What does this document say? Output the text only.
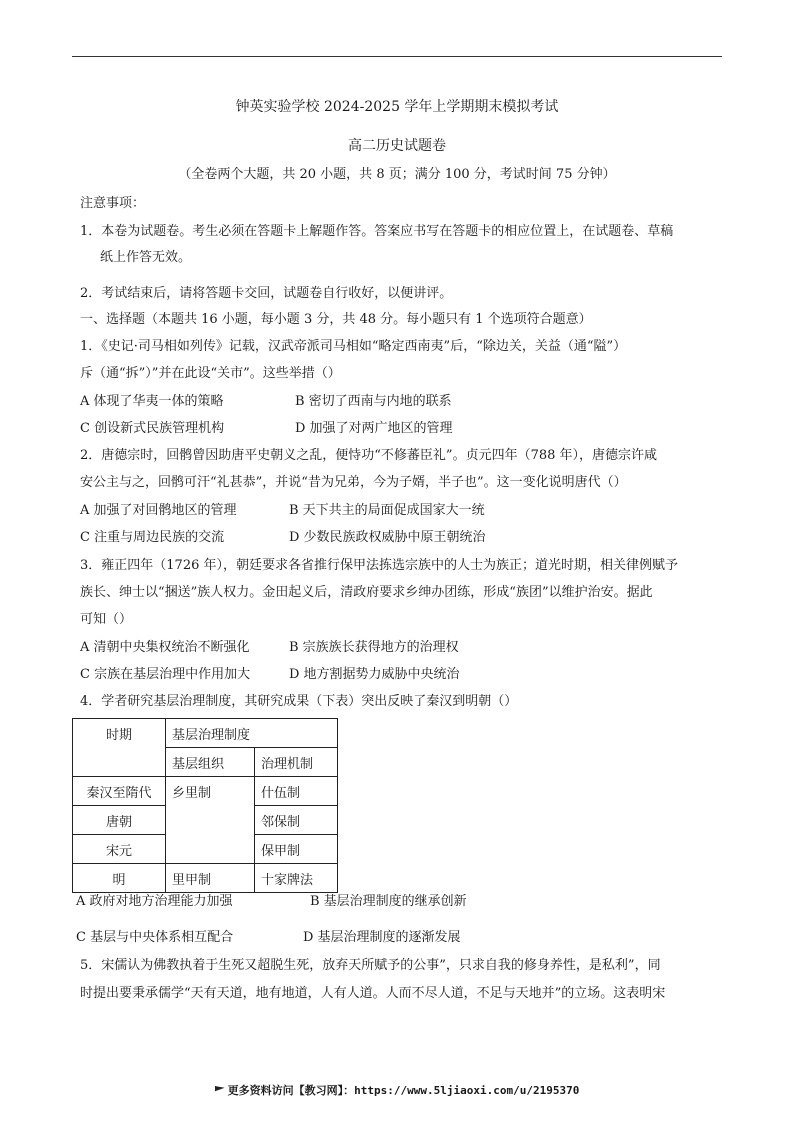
钟英实验学校 2024-2025 学年上学期期末模拟考试
高二历史试题卷
（全卷两个大题，共 20 小题，共 8 页；满分 100 分，考试时间 75 分钟）
注意事项：
1．本卷为试题卷。考生必须在答题卡上解题作答。答案应书写在答题卡的相应位置上，在试题卷、草稿
纸上作答无效。
2．考试结束后，请将答题卡交回，试题卷自行收好，以便讲评。
一、选择题（本题共 16 小题，每小题 3 分，共 48 分。每小题只有 1 个选项符合题意）
1．《史记·司马相如列传》记载，汉武帝派司马相如“略定西南夷”后，“除边关，关益（通“隘”）
斥（通“拆”）”并在此设“关市”。这些举措（）
A 体现了华夷一体的策略	B 密切了西南与内地的联系
C 创设新式民族管理机构	D 加强了对两广地区的管理
2．唐德宗时，回鹘曾因助唐平史朝义之乱，便恃功“不修蕃臣礼”。贞元四年（788 年），唐德宗许咸
安公主与之，回鹘可汗“礼甚恭”，并说“昔为兄弟，今为子婿，半子也”。这一变化说明唐代（）
A 加强了对回鹘地区的管理	B 天下共主的局面促成国家大一统
C 注重与周边民族的交流	D 少数民族政权威胁中原王朝统治
3．雍正四年（1726 年），朝廷要求各省推行保甲法拣选宗族中的人士为族正；道光时期，相关律例赋予
族长、绅士以“捆送”族人权力。金田起义后，清政府要求乡绅办团练，形成“族团”以维护治安。据此
可知（）
A 清朝中央集权统治不断强化	B 宗族族长获得地方的治理权
C 宗族在基层治理中作用加大	D 地方割据势力威胁中央统治
4．学者研究基层治理制度，其研究成果（下表）突出反映了秦汉到明朝（）
时期	基层治理制度	
	基层组织	治理机制
秦汉至隋代	乡里制	什伍制
唐朝		邻保制
宋元		保甲制
明	里甲制	十家牌法
A 政府对地方治理能力加强	B 基层治理制度的继承创新
C 基层与中央体系相互配合	D 基层治理制度的逐渐发展
5．宋儒认为佛教执着于生死又超脱生死，放弃天所赋予的公事”，只求自我的修身养性，是私利”，同
时提出要秉承儒学“天有天道，地有地道，人有人道。人而不尽人道，不足与天地并”的立场。这表明宋
更多资料访问【教习网】：https://www.5ljiaoxi.com/u/2195370
